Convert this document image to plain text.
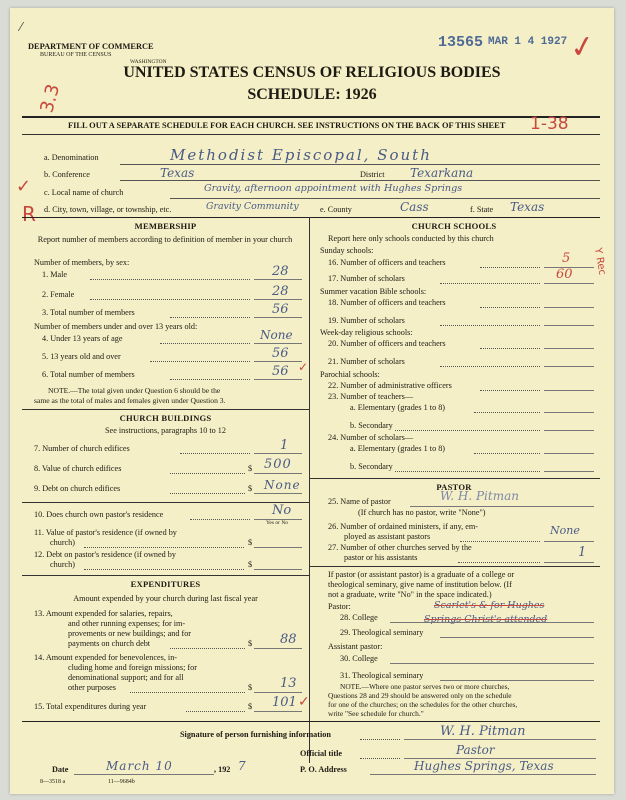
⁄
DEPARTMENT OF COMMERCE
BUREAU OF THE CENSUS
WASHINGTON
13565 MAR 1 4 1927 ✓
UNITED STATES CENSUS OF RELIGIOUS BODIES
SCHEDULE: 1926
3.3
FILL OUT A SEPARATE SCHEDULE FOR EACH CHURCH. SEE INSTRUCTIONS ON THE BACK OF THIS SHEET 1-38
a. Denomination	Methodist Episcopal, South
b. Conference	Texas	District Texarkana
✓ c. Local name of church	Gravity, afternoon appointment with Hughes Springs
R d. City, town, village, or township, etc.	Gravity Community	e. County	Cass	f. State Texas
MEMBERSHIP
Report number of members according to definition of member in your church
Number of members, by sex:
1. Male	28
2. Female	28
3. Total number of members	56
Number of members under and over 13 years old:
4. Under 13 years of age	None
5. 13 years old and over	56
6. Total number of members	56 ✓
NOTE.—The total given under Question 6 should be the
same as the total of males and females given under Question 3.
CHURCH BUILDINGS
See instructions, paragraphs 10 to 12
7. Number of church edifices	1
8. Value of church edifices	$ 500
9. Debt on church edifices	$ None
10. Does church own pastor's residence	No
Yes or No
11. Value of pastor's residence (if owned by
church)	$
12. Debt on pastor's residence (if owned by
church)	$
EXPENDITURES
Amount expended by your church during last fiscal year
13. Amount expended for salaries, repairs,
and other running expenses; for im-
provements or new buildings; and for
payments on church debt	$ 88
14. Amount expended for benevolences, in-
cluding home and foreign missions; for
denominational support; and for all
other purposes	$ 13
15. Total expenditures during year	$ 101 ✓
CHURCH SCHOOLS
Report here only schools conducted by this church
Sunday schools:
16. Number of officers and teachers	5 Y Rec
17. Number of scholars	60
Summer vacation Bible schools:
18. Number of officers and teachers
19. Number of scholars
Week-day religious schools:
20. Number of officers and teachers
21. Number of scholars
Parochial schools:
22. Number of administrative officers
23. Number of teachers—
a. Elementary (grades 1 to 8)
b. Secondary
24. Number of scholars—
a. Elementary (grades 1 to 8)
b. Secondary
PASTOR
25. Name of pastor	W. H. Pitman
(If church has no pastor, write "None")
26. Number of ordained ministers, if any, em-
ployed as assistant pastors	None
27. Number of other churches served by the
pastor or his assistants	1
If pastor (or assistant pastor) is a graduate of a college or
theological seminary, give name of institution below. (If
not a graduate, write "No" in the space indicated.)
Pastor:
28. College
Scarlet's & for Hughes
Springs Christ's attended
29. Theological seminary
Assistant pastor:
30. College
31. Theological seminary
NOTE.—Where one pastor serves two or more churches,
Questions 28 and 29 should be answered only on the schedule
for one of the churches; on the schedules for the other churches,
write "See schedule for church."
Signature of person furnishing information	W. H. Pitman
Official title	Pastor
Date	March 10	, 192 7	P. O. Address	Hughes Springs, Texas
8—3518 a	11—9684b
